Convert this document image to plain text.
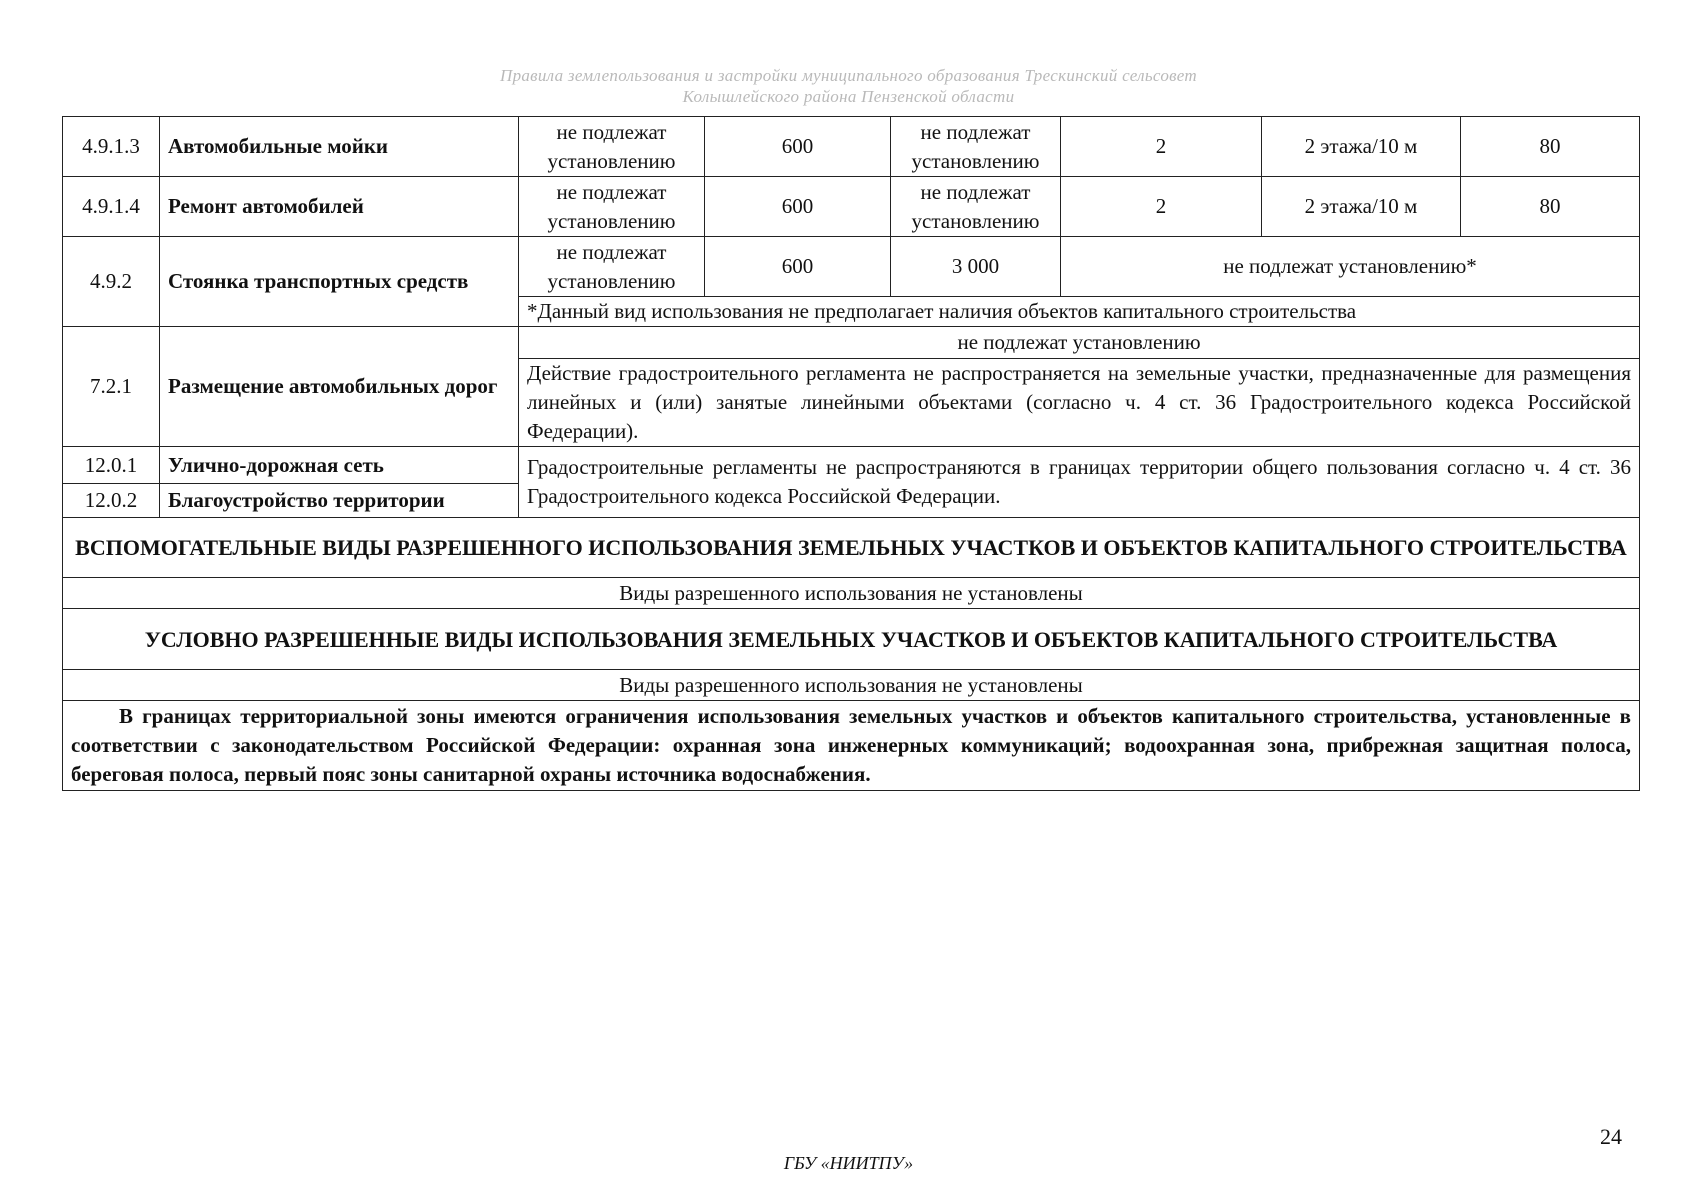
Правила землепользования и застройки муниципального образования Трескинский сельсовет
Колышлейского района Пензенской области
4.9.1.3	Автомобильные мойки	не подлежат установлению	600	не подлежат установлению	2	2 этажа/10 м	80
4.9.1.4	Ремонт автомобилей	не подлежат установлению	600	не подлежат установлению	2	2 этажа/10 м	80
4.9.2	Стоянка транспортных средств	не подлежат установлению	600	3 000	не подлежат установлению*		
		*Данный вид использования не предполагает наличия объектов капитального строительства					
7.2.1	Размещение автомобильных дорог	не подлежат установлению					
		Действие градостроительного регламента не распространяется на земельные участки, предназначенные для размещения линейных и (или) занятые линейными объектами (согласно ч. 4 ст. 36 Градостроительного кодекса Российской Федерации).					
12.0.1	Улично-дорожная сеть	Градостроительные регламенты не распространяются в границах территории общего пользования согласно ч. 4 ст. 36 Градостроительного кодекса Российской Федерации.					
12.0.2	Благоустройство территории						
ВСПОМОГАТЕЛЬНЫЕ ВИДЫ РАЗРЕШЕННОГО ИСПОЛЬЗОВАНИЯ ЗЕМЕЛЬНЫХ УЧАСТКОВ И ОБЪЕКТОВ КАПИТАЛЬНОГО СТРОИТЕЛЬСТВА							
Виды разрешенного использования не установлены							
УСЛОВНО РАЗРЕШЕННЫЕ ВИДЫ ИСПОЛЬЗОВАНИЯ ЗЕМЕЛЬНЫХ УЧАСТКОВ И ОБЪЕКТОВ КАПИТАЛЬНОГО СТРОИТЕЛЬСТВА							
Виды разрешенного использования не установлены							
В границах территориальной зоны имеются ограничения использования земельных участков и объектов капитального строительства, установленные в соответствии с законодательством Российской Федерации: охранная зона инженерных коммуникаций; водоохранная зона, прибрежная защитная полоса, береговая полоса, первый пояс зоны санитарной охраны источника водоснабжения.							
24
ГБУ «НИИТПУ»
